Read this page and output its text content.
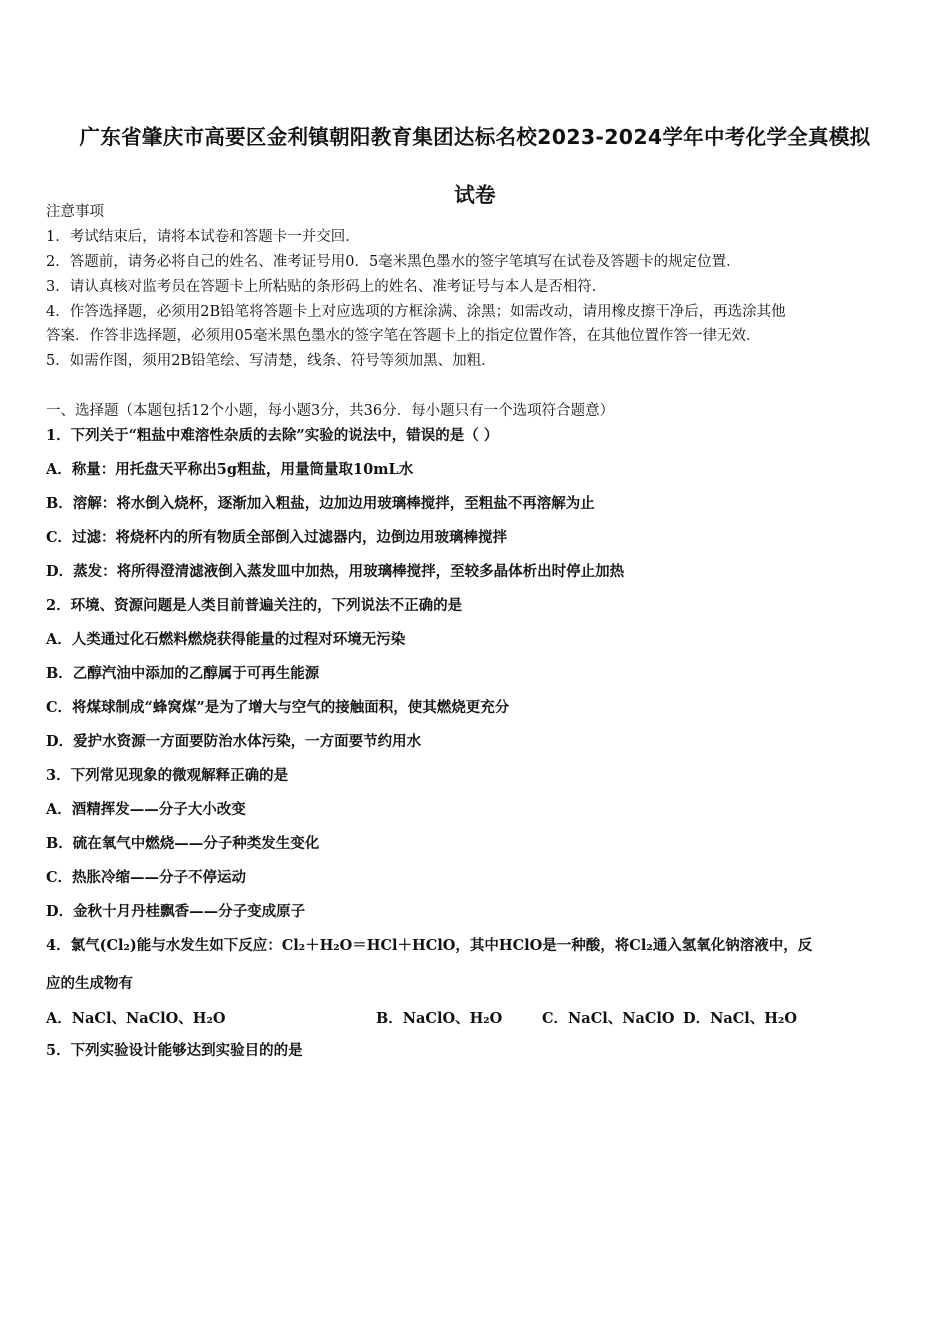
广东省肇庆市高要区金利镇朝阳教育集团达标名校2023-2024学年中考化学全真模拟
试卷
注意事项
1．考试结束后，请将本试卷和答题卡一并交回．
2．答题前，请务必将自己的姓名、准考证号用0．5毫米黑色墨水的签字笔填写在试卷及答题卡的规定位置．
3．请认真核对监考员在答题卡上所粘贴的条形码上的姓名、准考证号与本人是否相符．
4．作答选择题，必须用2B铅笔将答题卡上对应选项的方框涂满、涂黑；如需改动，请用橡皮擦干净后，再选涂其他
答案．作答非选择题，必须用05毫米黑色墨水的签字笔在答题卡上的指定位置作答，在其他位置作答一律无效．
5．如需作图，须用2B铅笔绘、写清楚，线条、符号等须加黑、加粗．
一、选择题（本题包括12个小题，每小题3分，共36分．每小题只有一个选项符合题意）
1．下列关于“粗盐中难溶性杂质的去除”实验的说法中，错误的是（ ）
A．称量：用托盘天平称出5g粗盐，用量筒量取10mL水
B．溶解：将水倒入烧杯，逐渐加入粗盐，边加边用玻璃棒搅拌，至粗盐不再溶解为止
C．过滤：将烧杯内的所有物质全部倒入过滤器内，边倒边用玻璃棒搅拌
D．蒸发：将所得澄清滤液倒入蒸发皿中加热，用玻璃棒搅拌，至较多晶体析出时停止加热
2．环境、资源问题是人类目前普遍关注的，下列说法不正确的是
A．人类通过化石燃料燃烧获得能量的过程对环境无污染
B．乙醇汽油中添加的乙醇属于可再生能源
C．将煤球制成“蜂窝煤”是为了增大与空气的接触面积，使其燃烧更充分
D．爱护水资源一方面要防治水体污染，一方面要节约用水
3．下列常见现象的微观解释正确的是
A．酒精挥发——分子大小改变
B．硫在氧气中燃烧——分子种类发生变化
C．热胀冷缩——分子不停运动
D．金秋十月丹桂飘香——分子变成原子
4．氯气(Cl₂)能与水发生如下反应：Cl₂＋H₂O＝HCl＋HClO，其中HClO是一种酸，将Cl₂通入氢氧化钠溶液中，反
应的生成物有
A．NaCl、NaClO、H₂O	B．NaClO、H₂O	C．NaCl、NaClO D．NaCl、H₂O
5．下列实验设计能够达到实验目的的是
